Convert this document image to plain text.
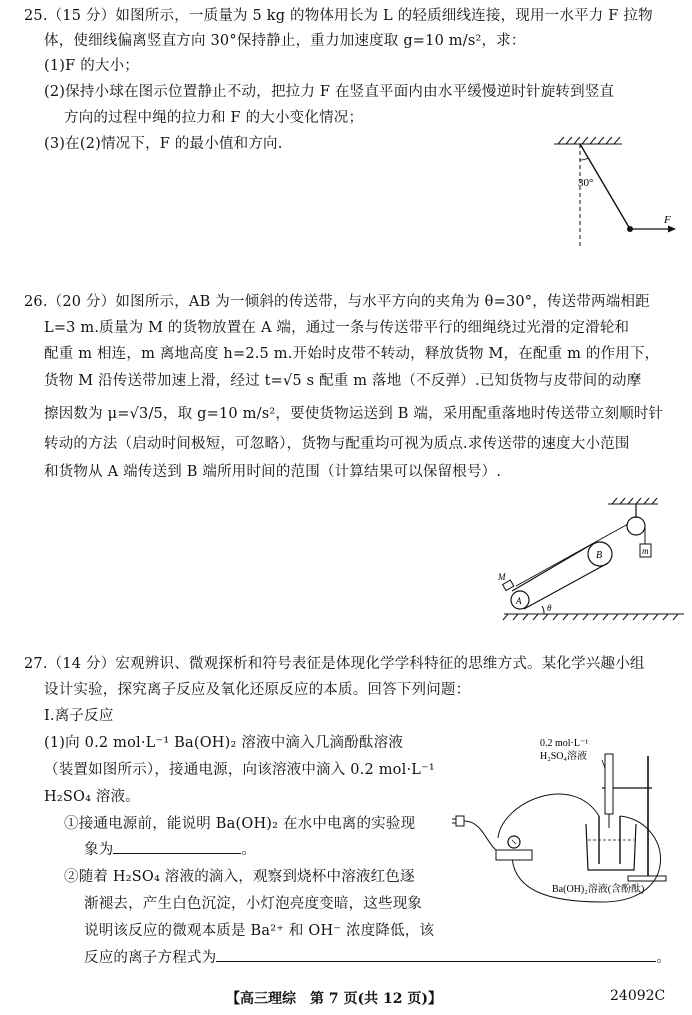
25.（15 分）如图所示，一质量为 5 kg 的物体用长为 L 的轻质细线连接，现用一水平力 F 拉物
体，使细线偏离竖直方向 30°保持静止，重力加速度取 g=10 m/s²，求：
(1)F 的大小；
(2)保持小球在图示位置静止不动，把拉力 F 在竖直平面内由水平缓慢逆时针旋转到竖直
方向的过程中绳的拉力和 F 的大小变化情况；
(3)在(2)情况下，F 的最小值和方向.
30°
F
26.（20 分）如图所示，AB 为一倾斜的传送带，与水平方向的夹角为 θ=30°，传送带两端相距
L=3 m.质量为 M 的货物放置在 A 端，通过一条与传送带平行的细绳绕过光滑的定滑轮和
配重 m 相连，m 离地高度 h=2.5 m.开始时皮带不转动，释放货物 M，在配重 m 的作用下，
货物 M 沿传送带加速上滑，经过 t=√5 s 配重 m 落地（不反弹）.已知货物与皮带间的动摩
擦因数为 μ=√3/5，取 g=10 m/s²，要使货物运送到 B 端，采用配重落地时传送带立刻顺时针
转动的方法（启动时间极短，可忽略），货物与配重均可视为质点.求传送带的速度大小范围
和货物从 A 端传送到 B 端所用时间的范围（计算结果可以保留根号）.
m
B
A
M
θ
27.（14 分）宏观辨识、微观探析和符号表征是体现化学学科特征的思维方式。某化学兴趣小组
设计实验，探究离子反应及氧化还原反应的本质。回答下列问题：
Ⅰ.离子反应
(1)向 0.2 mol·L⁻¹ Ba(OH)₂ 溶液中滴入几滴酚酞溶液
（装置如图所示），接通电源，向该溶液中滴入 0.2 mol·L⁻¹
H₂SO₄ 溶液。
①接通电源前，能说明 Ba(OH)₂ 在水中电离的实验现
象为	。
②随着 H₂SO₄ 溶液的滴入，观察到烧杯中溶液红色逐
渐褪去，产生白色沉淀，小灯泡亮度变暗，这些现象
说明该反应的微观本质是 Ba²⁺ 和 OH⁻ 浓度降低，该
反应的离子方程式为	。
0.2 mol·L⁻¹
H₂SO₄溶液
Ba(OH)₂溶液(含酚酞)
【高三理综　第 7 页(共 12 页)】	24092C
